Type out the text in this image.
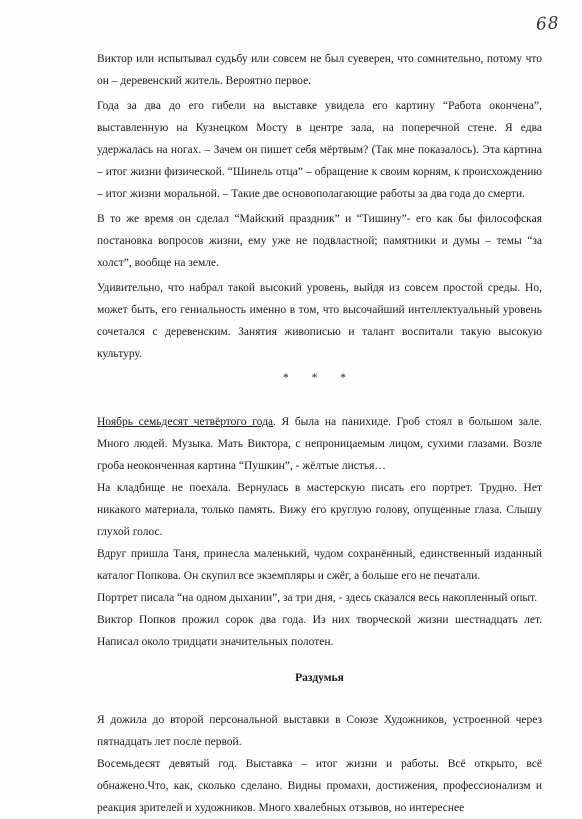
68

Виктор или испытывал судьбу или совсем не был суеверен, что сомнительно, потому что он – деревенский житель. Вероятно первое.

Года за два до его гибели на выставке увидела его картину “Работа окончена”, выставленную на Кузнецком Мосту в центре зала, на поперечной стене. Я едва удержалась на ногах. – Зачем он пишет себя мёртвым? (Так мне показалось). Эта картина – итог жизни физической. “Шинель отца” – обращение к своим корням, к происхождению – итог жизни моральной. – Такие две основополагающие работы за два года до смерти.

В то же время он сделал “Майский праздник” и “Тишину”- его как бы философская постановка вопросов жизни, ему уже не подвластной; памятники и думы – темы “за холст”, вообще на земле.

Удивительно, что набрал такой высокий уровень, выйдя из совсем простой среды. Но, может быть, его гениальность именно в том, что высочайший интеллектуальный уровень сочетался с деревенским. Занятия живописью и талант воспитали такую высокую культуру.

* * *

Ноябрь семьдесят четвёртого года. Я была на панихиде. Гроб стоял в большом зале. Много людей. Музыка. Мать Виктора, с непроницаемым лицом, сухими глазами. Возле гроба неоконченная картина “Пушкин”, - жёлтые листья…

На кладбище не поехала. Вернулась в мастерскую писать его портрет. Трудно. Нет никакого материала, только память. Вижу его круглую голову, опущенные глаза. Слышу глухой голос.

Вдруг пришла Таня, принесла маленький, чудом сохранённый, единственный изданный каталог Попкова. Он скупил все экземпляры и сжёг, а больше его не печатали.

Портрет писала “на одном дыхании”, за три дня, - здесь сказался весь накопленный опыт.

Виктор Попков прожил сорок два года. Из них творческой жизни шестнадцать лет. Написал около тридцати значительных полотен.

Раздумья

Я дожила до второй персональной выставки в Союзе Художников, устроенной через пятнадцать лет после первой.

Восемьдесят девятый год. Выставка – итог жизни и работы. Всё открыто, всё обнажено.Что, как, сколько сделано. Видны промахи, достижения, профессионализм и реакция зрителей и художников. Много хвалебных отзывов, но интереснее
